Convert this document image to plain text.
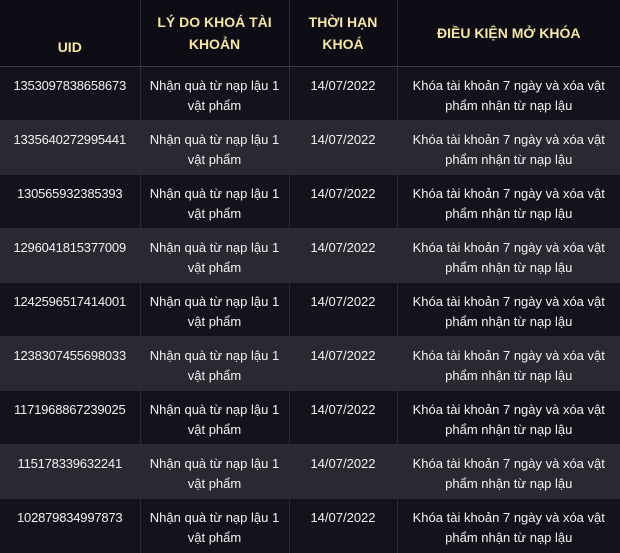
UID	LÝ DO KHOÁ TÀI KHOẢN	THỜI HẠN KHOÁ	ĐIỀU KIỆN MỞ KHÓA
1353097838658673	Nhận quà từ nạp lậu 1 vật phẩm	14/07/2022	Khóa tài khoản 7 ngày và xóa vật phẩm nhận từ nạp lậu
1335640272995441	Nhận quà từ nạp lậu 1 vật phẩm	14/07/2022	Khóa tài khoản 7 ngày và xóa vật phẩm nhận từ nạp lậu
130565932385393	Nhận quà từ nạp lậu 1 vật phẩm	14/07/2022	Khóa tài khoản 7 ngày và xóa vật phẩm nhận từ nạp lậu
1296041815377009	Nhận quà từ nạp lậu 1 vật phẩm	14/07/2022	Khóa tài khoản 7 ngày và xóa vật phẩm nhận từ nạp lậu
1242596517414001	Nhận quà từ nạp lậu 1 vật phẩm	14/07/2022	Khóa tài khoản 7 ngày và xóa vật phẩm nhận từ nạp lậu
1238307455698033	Nhận quà từ nạp lậu 1 vật phẩm	14/07/2022	Khóa tài khoản 7 ngày và xóa vật phẩm nhận từ nạp lậu
1171968867239025	Nhận quà từ nạp lậu 1 vật phẩm	14/07/2022	Khóa tài khoản 7 ngày và xóa vật phẩm nhận từ nạp lậu
115178339632241	Nhận quà từ nạp lậu 1 vật phẩm	14/07/2022	Khóa tài khoản 7 ngày và xóa vật phẩm nhận từ nạp lậu
102879834997873	Nhận quà từ nạp lậu 1 vật phẩm	14/07/2022	Khóa tài khoản 7 ngày và xóa vật phẩm nhận từ nạp lậu
